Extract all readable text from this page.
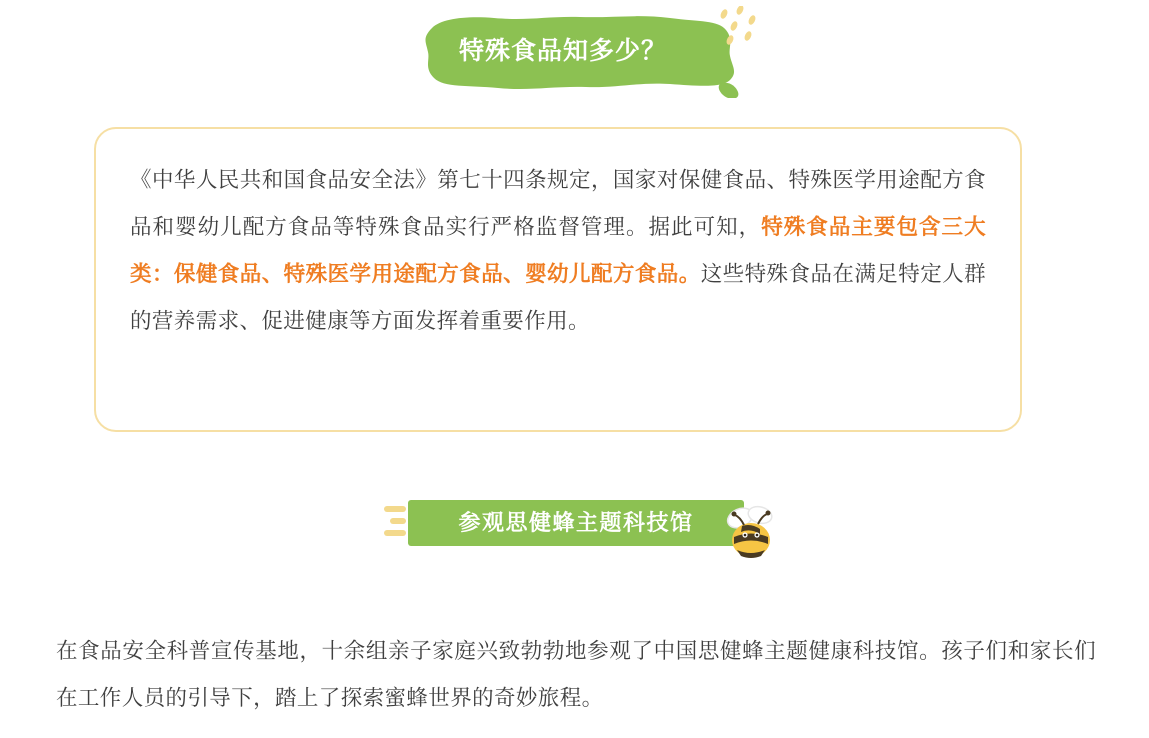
特殊食品知多少？
《中华人民共和国食品安全法》第七十四条规定，国家对保健食品、特殊医学用途配方食品和婴幼儿配方食品等特殊食品实行严格监督管理。据此可知，特殊食品主要包含三大类：保健食品、特殊医学用途配方食品、婴幼儿配方食品。这些特殊食品在满足特定人群的营养需求、促进健康等方面发挥着重要作用。
参观思健蜂主题科技馆
在食品安全科普宣传基地，十余组亲子家庭兴致勃勃地参观了中国思健蜂主题健康科技馆。孩子们和家长们在工作人员的引导下，踏上了探索蜜蜂世界的奇妙旅程。
